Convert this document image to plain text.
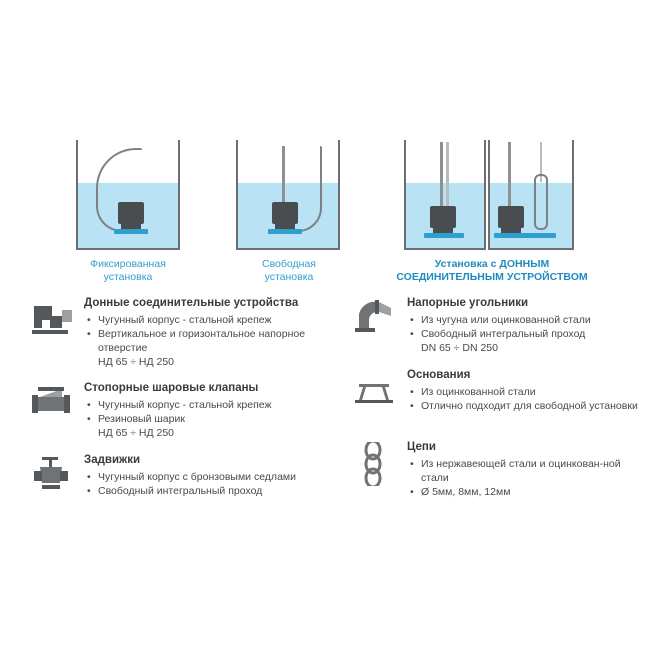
Фиксированная
установка
Свободная
установка
Установка с ДОННЫМ
СОЕДИНИТЕЛЬНЫМ УСТРОЙСТВОМ
Донные соединительные устройства
• Чугунный корпус - стальной крепеж
• Вертикальное и горизонтальное напорное отверстие
НД 65 ÷ НД 250
Стопорные шаровые клапаны
• Чугунный корпус - стальной крепеж
• Резиновый шарик
НД 65 ÷ НД 250
Задвижки
• Чугунный корпус с бронзовыми седлами
• Свободный интегральный проход
Напорные угольники
• Из чугуна или оцинкованной стали
• Свободный интегральный проход
DN 65 ÷ DN 250
Основания
• Из оцинкованной стали
• Отлично подходит для свободной установки
Цепи
• Из нержавеющей стали и оцинкован-ной стали
• Ø 5мм, 8мм, 12мм
